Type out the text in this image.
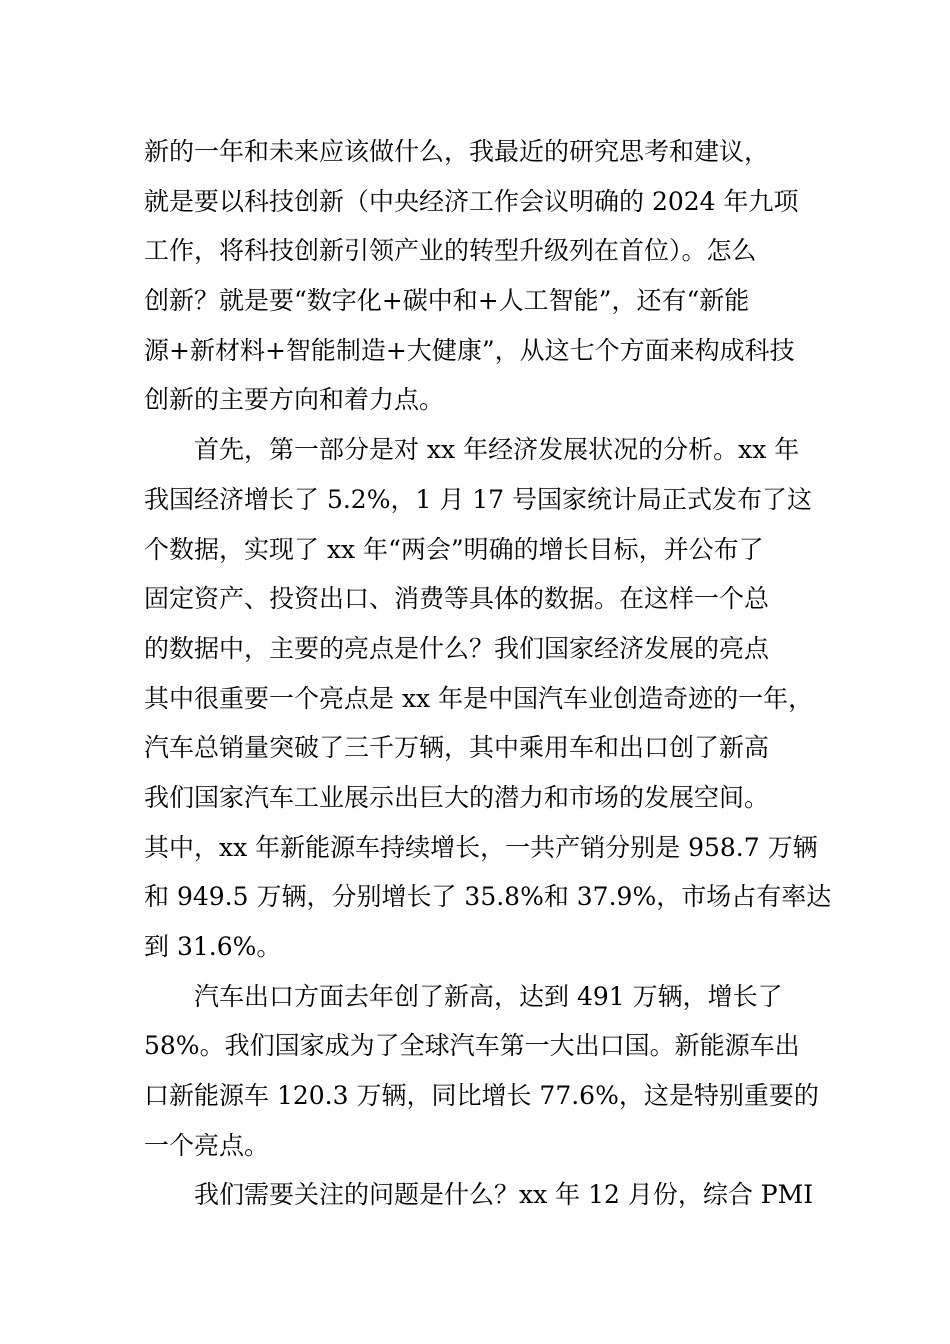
新的一年和未来应该做什么，我最近的研究思考和建议，
就是要以科技创新（中央经济工作会议明确的 2024 年九项
工作，将科技创新引领产业的转型升级列在首位）。怎么
创新？就是要“数字化+碳中和+人工智能”，还有“新能
源+新材料+智能制造+大健康”，从这七个方面来构成科技
创新的主要方向和着力点。
首先，第一部分是对 xx 年经济发展状况的分析。xx 年
我国经济增长了 5.2%，1 月 17 号国家统计局正式发布了这
个数据，实现了 xx 年“两会”明确的增长目标，并公布了
固定资产、投资出口、消费等具体的数据。在这样一个总
的数据中，主要的亮点是什么？我们国家经济发展的亮点
其中很重要一个亮点是 xx 年是中国汽车业创造奇迹的一年，
汽车总销量突破了三千万辆，其中乘用车和出口创了新高
我们国家汽车工业展示出巨大的潜力和市场的发展空间。
其中，xx 年新能源车持续增长，一共产销分别是 958.7 万辆
和 949.5 万辆，分别增长了 35.8%和 37.9%，市场占有率达
到 31.6%。
汽车出口方面去年创了新高，达到 491 万辆，增长了
58%。我们国家成为了全球汽车第一大出口国。新能源车出
口新能源车 120.3 万辆，同比增长 77.6%，这是特别重要的
一个亮点。
我们需要关注的问题是什么？xx 年 12 月份，综合 PMI
